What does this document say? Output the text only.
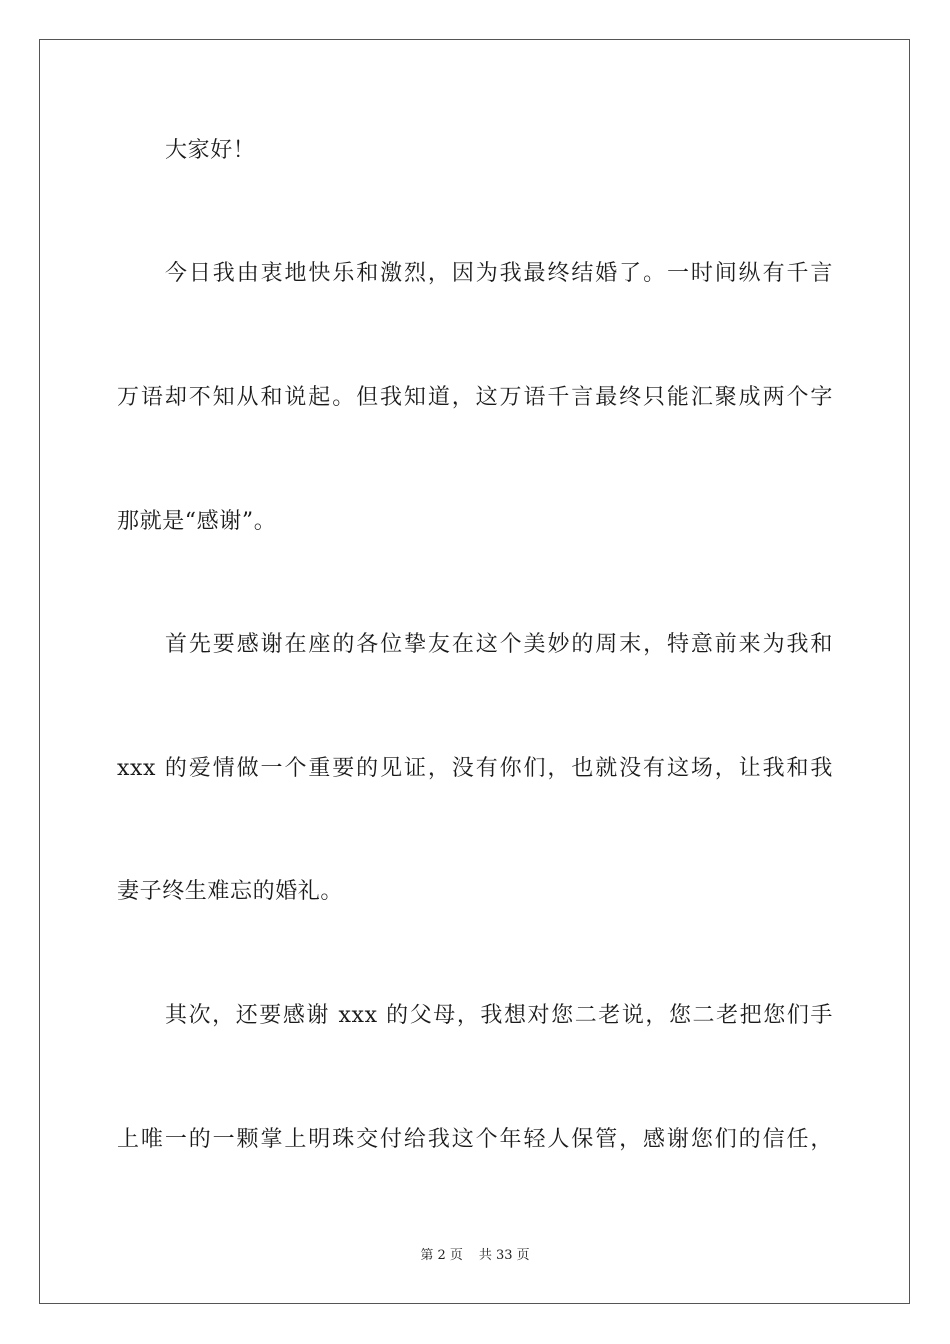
大家好！
今日我由衷地快乐和激烈，因为我最终结婚了。一时间纵有千言
万语却不知从和说起。但我知道，这万语千言最终只能汇聚成两个字
那就是“感谢”。
首先要感谢在座的各位挚友在这个美妙的周末，特意前来为我和
xxx 的爱情做一个重要的见证，没有你们，也就没有这场，让我和我
妻子终生难忘的婚礼。
其次，还要感谢 xxx 的父母，我想对您二老说，您二老把您们手
上唯一的一颗掌上明珠交付给我这个年轻人保管，感谢您们的信任，
第 2 页 共 33 页
